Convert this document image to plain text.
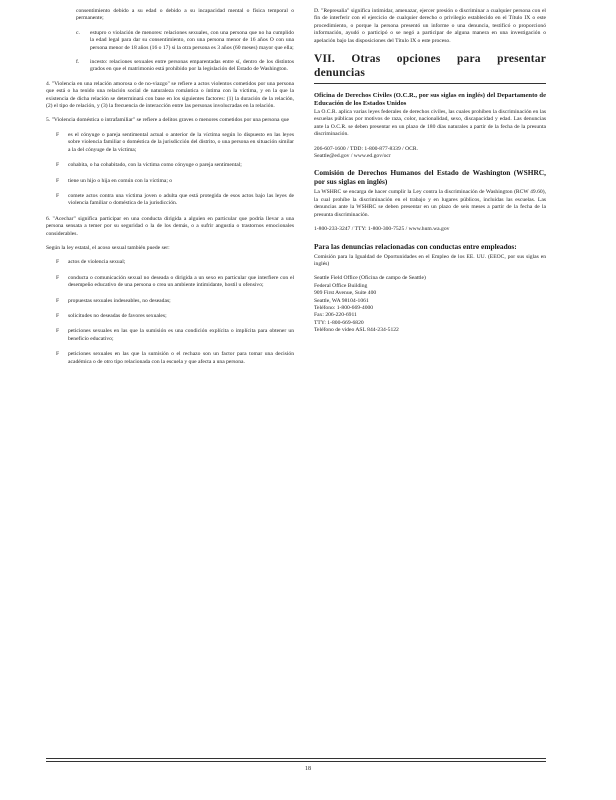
consentimiento debido a su edad o debido a su incapacidad mental o física temporal o permanente;

c. estupro o violación de menores: relaciones sexuales, con una persona que no ha cumplido la edad legal para dar su consentimiento, con una persona menor de 16 años O con una persona menor de 18 años (16 o 17) si la otra persona es 3 años (60 meses) mayor que ella;

f. incesto: relaciones sexuales entre personas emparentadas entre sí, dentro de los distintos grados en que el matrimonio está prohibido por la legislación del Estado de Washington.

4. "Violencia en una relación amorosa o de no-viazgo" se refiere a actos violentos cometidos por una persona que está o ha tenido una relación social de naturaleza romántica o íntima con la víctima, y en la que la existencia de dicha relación se determinará con base en los siguientes factores: (1) la duración de la relación, (2) el tipo de relación, y (3) la frecuencia de interacción entre las personas involucradas en la relación.

5. "Violencia doméstica o intrafamiliar" se refiere a delitos graves o menores cometidos por una persona que

F es el cónyuge o pareja sentimental actual o anterior de la víctima según lo dispuesto en las leyes sobre violencia familiar o doméstica de la jurisdicción del distrito, o una persona en situación similar a la del cónyuge de la víctima;

F cohabita, o ha cohabitado, con la víctima como cónyuge o pareja sentimental;

F tiene un hijo o hija en común con la víctima; o

F comete actos contra una víctima joven o adulta que está protegida de esos actos bajo las leyes de violencia familiar o doméstica de la jurisdicción.

6. "Acechar" significa participar en una conducta dirigida a alguien en particular que podría llevar a una persona sensata a temer por su seguridad o la de los demás, o a sufrir angustia o trastornos emocionales considerables.

Según la ley estatal, el acoso sexual también puede ser:

F actos de violencia sexual;

F conducta o comunicación sexual no deseada o dirigida a un sexo en particular que interfiere con el desempeño educativo de una persona o crea un ambiente intimidante, hostil u ofensivo;

F propuestas sexuales indeseables, no deseadas;

F solicitudes no deseadas de favores sexuales;

F peticiones sexuales en las que la sumisión es una condición explícita o implícita para obtener un beneficio educativo;

F peticiones sexuales en las que la sumisión o el rechazo son un factor para tomar una decisión académica o de otro tipo relacionada con la escuela y que afecta a una persona.

D. "Represalia" significa intimidar, amenazar, ejercer presión o discriminar a cualquier persona con el fin de interferir con el ejercicio de cualquier derecho o privilegio establecido en el Título IX o este procedimiento, o porque la persona presentó un informe o una denuncia, testificó o proporcionó información, ayudó o participó o se negó a participar de alguna manera en una investigación o apelación bajo las disposiciones del Título IX o este proceso.

VII. Otras opciones para presentar denuncias

Oficina de Derechos Civiles (O.C.R., por sus siglas en inglés) del Departamento de Educación de los Estados Unidos

La O.C.R. aplica varias leyes federales de derechos civiles, las cuales prohíben la discriminación en las escuelas públicas por motivos de raza, color, nacionalidad, sexo, discapacidad y edad. Las denuncias ante la O.C.R. se deben presentar en un plazo de 180 días naturales a partir de la fecha de la presunta discriminación.

206-607-1600 / TDD: 1-800-877-8339 / OCR.

Seattle@ed.gov / www.ed.gov/ocr

Comisión de Derechos Humanos del Estado de Washington (WSHRC, por sus siglas en inglés)

La WSHRC se encarga de hacer cumplir la Ley contra la discriminación de Washington (RCW 49.60), la cual prohíbe la discriminación en el trabajo y en lugares públicos, incluidas las escuelas. Las denuncias ante la WSHRC se deben presentar en un plazo de seis meses a partir de la fecha de la presunta discriminación.

1-800-233-3247 / TTY: 1-800-300-7525 / www.hum.wa.gov

Para las denuncias relacionadas con conductas entre empleados:

Comisión para la Igualdad de Oportunidades en el Empleo de los EE. UU. (EEOC, por sus siglas en inglés)

Seattle Field Office (Oficina de campo de Seattle)

Federal Office Building

909 First Avenue, Suite 400

Seattle, WA 98104-1061

Teléfono: 1-800-669-4000

Fax: 206-220-6911

TTY: 1-800-669-6820

Teléfono de video ASL 844-234-5122

18
